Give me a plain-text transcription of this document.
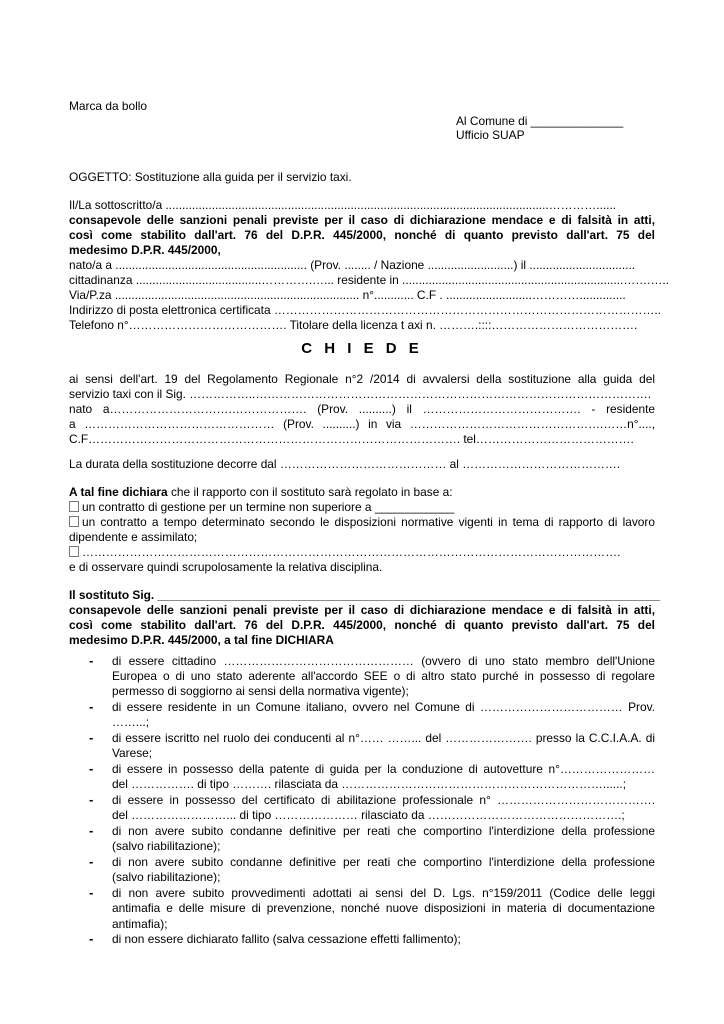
Marca da bollo
Al Comune di ______________
Ufficio SUAP
OGGETTO: Sostituzione alla guida per il servizio taxi.
Il/La sottoscritto/a ....................................................................................................................…………......
consapevole delle sanzioni penali previste per il caso di dichiarazione mendace e di falsità in atti,
così come stabilito dall'art. 76 del D.P.R. 445/2000, nonché di quanto previsto dall'art. 75 del
medesimo D.P.R. 445/2000,
nato/a a .......................................................... (Prov. ........ / Nazione ..........................) il ................................
cittadinanza ......................................………….…... residente in ...................................................................…….…..
Via/P.za .......................................................................... n°............ C.F . ..........................…………..............
Indirizzo di posta elettronica certificata ……………………………………………………………………………………..
Telefono n°…………………………………. Titolare della licenza t axi n. ……….::::……………………………….
C H I E D E
ai sensi dell'art. 19 del Regolamento Regionale n°2 /2014 di avvalersi della sostituzione alla guida del
servizio taxi con il Sig. ……………..……………………………………………………………………………………….
nato a………………………….………………. (Prov. ..........) il …………………………………. - residente
a ………………………………………… (Prov. ..........) in via ………………………………………….……n°....,
C.F…………………………………………………………………………………. tel………………………………….
La durata della sostituzione decorre dal …………………………………… al ………………………………….
A tal fine dichiara che il rapporto con il sostituto sarà regolato in base a:
un contratto di gestione per un termine non superiore a ____________
un contratto a tempo determinato secondo le disposizioni normative vigenti in tema di rapporto di lavoro
dipendente e assimilato;
……………………………………………………………………………………………………………………….
e di osservare quindi scrupolosamente la relativa disciplina.
Il sostituto Sig. ____________________________________________________________________________
consapevole delle sanzioni penali previste per il caso di dichiarazione mendace e di falsità in atti,
così come stabilito dall'art. 76 del D.P.R. 445/2000, nonché di quanto previsto dall'art. 75 del
medesimo D.P.R. 445/2000, a tal fine DICHIARA
- di essere cittadino ………………………………………… (ovvero di uno stato membro dell'Unione
Europea o di uno stato aderente all'accordo SEE o di altro stato purché in possesso di regolare
permesso di soggiorno ai sensi della normativa vigente);
- di essere residente in un Comune italiano, ovvero nel Comune di ……………………………… Prov.
……...;
- di essere iscritto nel ruolo dei conducenti al n°…… ……... del …………………. presso la C.C.I.A.A. di
Varese;
- di essere in possesso della patente di guida per la conduzione di autovetture n°……………………
del ……………. di tipo ………. rilasciata da …………………………………………………………......;
- di essere in possesso del certificato di abilitazione professionale n° ………………………………….
del ……………………... di tipo ………………… rilasciato da ………………………………………….;
- di non avere subito condanne definitive per reati che comportino l'interdizione della professione
(salvo riabilitazione);
- di non avere subito condanne definitive per reati che comportino l'interdizione della professione
(salvo riabilitazione);
- di non avere subito provvedimenti adottati ai sensi del D. Lgs. n°159/2011 (Codice delle leggi
antimafia e delle misure di prevenzione, nonché nuove disposizioni in materia di documentazione
antimafia);
- di non essere dichiarato fallito (salva cessazione effetti fallimento);
